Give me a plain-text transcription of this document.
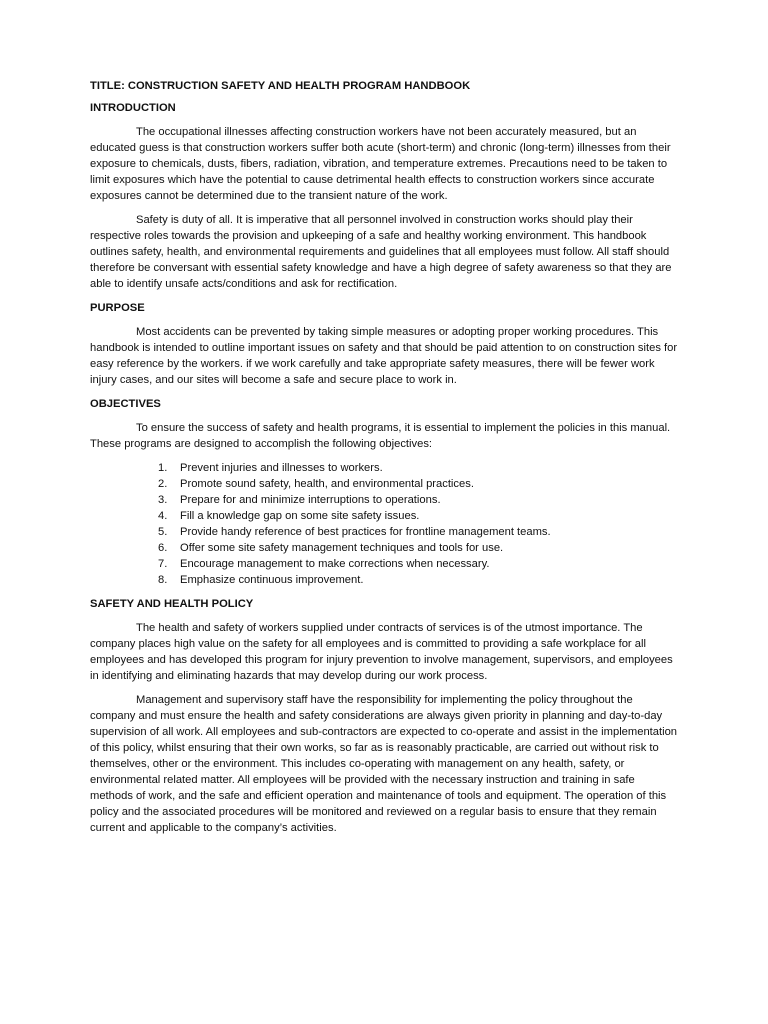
TITLE: CONSTRUCTION SAFETY AND HEALTH PROGRAM HANDBOOK
INTRODUCTION

The occupational illnesses affecting construction workers have not been accurately measured, but an educated guess is that construction workers suffer both acute (short-term) and chronic (long-term) illnesses from their exposure to chemicals, dusts, fibers, radiation, vibration, and temperature extremes. Precautions need to be taken to limit exposures which have the potential to cause detrimental health effects to construction workers since accurate exposures cannot be determined due to the transient nature of the work.

Safety is duty of all. It is imperative that all personnel involved in construction works should play their respective roles towards the provision and upkeeping of a safe and healthy working environment. This handbook outlines safety, health, and environmental requirements and guidelines that all employees must follow. All staff should therefore be conversant with essential safety knowledge and have a high degree of safety awareness so that they are able to identify unsafe acts/conditions and ask for rectification.

PURPOSE

Most accidents can be prevented by taking simple measures or adopting proper working procedures. This handbook is intended to outline important issues on safety and that should be paid attention to on construction sites for easy reference by the workers. if we work carefully and take appropriate safety measures, there will be fewer work injury cases, and our sites will become a safe and secure place to work in.

OBJECTIVES

To ensure the success of safety and health programs, it is essential to implement the policies in this manual. These programs are designed to accomplish the following objectives:

1.	Prevent injuries and illnesses to workers.
2.	Promote sound safety, health, and environmental practices.
3.	Prepare for and minimize interruptions to operations.
4.	Fill a knowledge gap on some site safety issues.
5.	Provide handy reference of best practices for frontline management teams.
6.	Offer some site safety management techniques and tools for use.
7.	Encourage management to make corrections when necessary.
8.	Emphasize continuous improvement.
SAFETY AND HEALTH POLICY

The health and safety of workers supplied under contracts of services is of the utmost importance. The company places high value on the safety for all employees and is committed to providing a safe workplace for all employees and has developed this program for injury prevention to involve management, supervisors, and employees in identifying and eliminating hazards that may develop during our work process.

Management and supervisory staff have the responsibility for implementing the policy throughout the company and must ensure the health and safety considerations are always given priority in planning and day-to-day supervision of all work. All employees and sub-contractors are expected to co-operate and assist in the implementation of this policy, whilst ensuring that their own works, so far as is reasonably practicable, are carried out without risk to themselves, other or the environment. This includes co-operating with management on any health, safety, or environmental related matter. All employees will be provided with the necessary instruction and training in safe methods of work, and the safe and efficient operation and maintenance of tools and equipment. The operation of this policy and the associated procedures will be monitored and reviewed on a regular basis to ensure that they remain current and applicable to the company’s activities.
